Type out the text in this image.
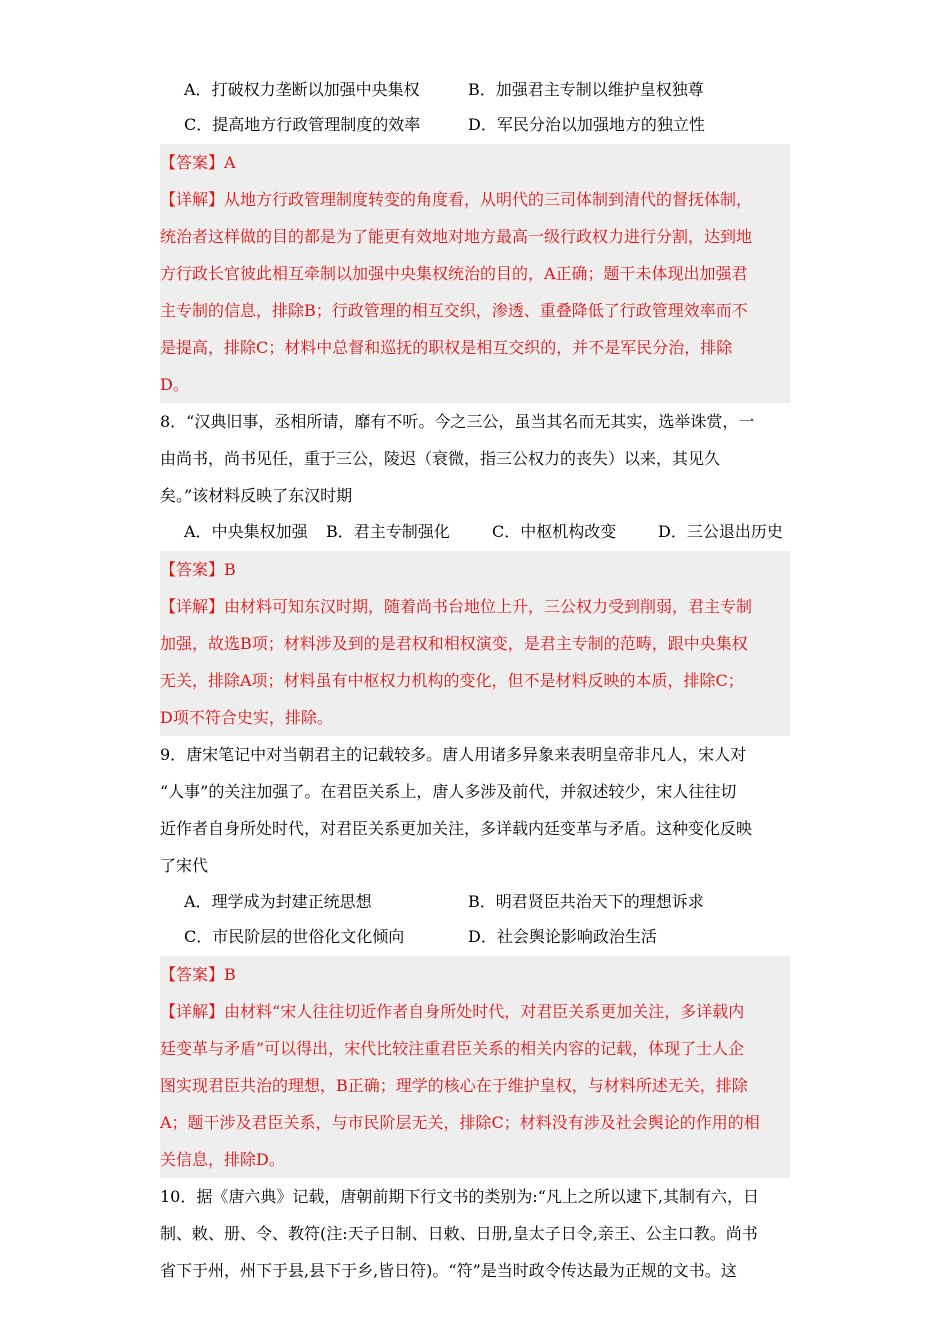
A．打破权力垄断以加强中央集权	B．加强君主专制以维护皇权独尊
C．提高地方行政管理制度的效率	D．军民分治以加强地方的独立性
【答案】A
【详解】从地方行政管理制度转变的角度看，从明代的三司体制到清代的督抚体制，
统治者这样做的目的都是为了能更有效地对地方最高一级行政权力进行分割，达到地
方行政长官彼此相互牵制以加强中央集权统治的目的，A正确；题干未体现出加强君
主专制的信息，排除B；行政管理的相互交织，渗透、重叠降低了行政管理效率而不
是提高，排除C；材料中总督和巡抚的职权是相互交织的，并不是军民分治，排除
D。
8．“汉典旧事，丞相所请，靡有不听。今之三公，虽当其名而无其实，选举诛赏，一
由尚书，尚书见任，重于三公，陵迟（衰微，指三公权力的丧失）以来，其见久
矣。”该材料反映了东汉时期
A．中央集权加强	B．君主专制强化	C．中枢机构改变	D．三公退出历史
【答案】B
【详解】由材料可知东汉时期，随着尚书台地位上升，三公权力受到削弱，君主专制
加强，故选B项；材料涉及到的是君权和相权演变，是君主专制的范畴，跟中央集权
无关，排除A项；材料虽有中枢权力机构的变化，但不是材料反映的本质，排除C；
D项不符合史实，排除。
9．唐宋笔记中对当朝君主的记载较多。唐人用诸多异象来表明皇帝非凡人，宋人对
“人事”的关注加强了。在君臣关系上，唐人多涉及前代，并叙述较少，宋人往往切
近作者自身所处时代，对君臣关系更加关注，多详载内廷变革与矛盾。这种变化反映
了宋代
A．理学成为封建正统思想	B．明君贤臣共治天下的理想诉求
C．市民阶层的世俗化文化倾向	D．社会舆论影响政治生活
【答案】B
【详解】由材料“宋人往往切近作者自身所处时代，对君臣关系更加关注，多详载内
廷变革与矛盾”可以得出，宋代比较注重君臣关系的相关内容的记载，体现了士人企
图实现君臣共治的理想，B正确；理学的核心在于维护皇权，与材料所述无关，排除
A；题干涉及君臣关系，与市民阶层无关，排除C；材料没有涉及社会舆论的作用的相
关信息，排除D。
10．据《唐六典》记载，唐朝前期下行文书的类别为:“凡上之所以逮下,其制有六，日
制、敕、册、令、教符(注:天子日制、日敕、日册,皇太子日令,亲王、公主口教。尚书
省下于州，州下于县,县下于乡,皆日符)。“符”是当时政令传达最为正规的文书。这
